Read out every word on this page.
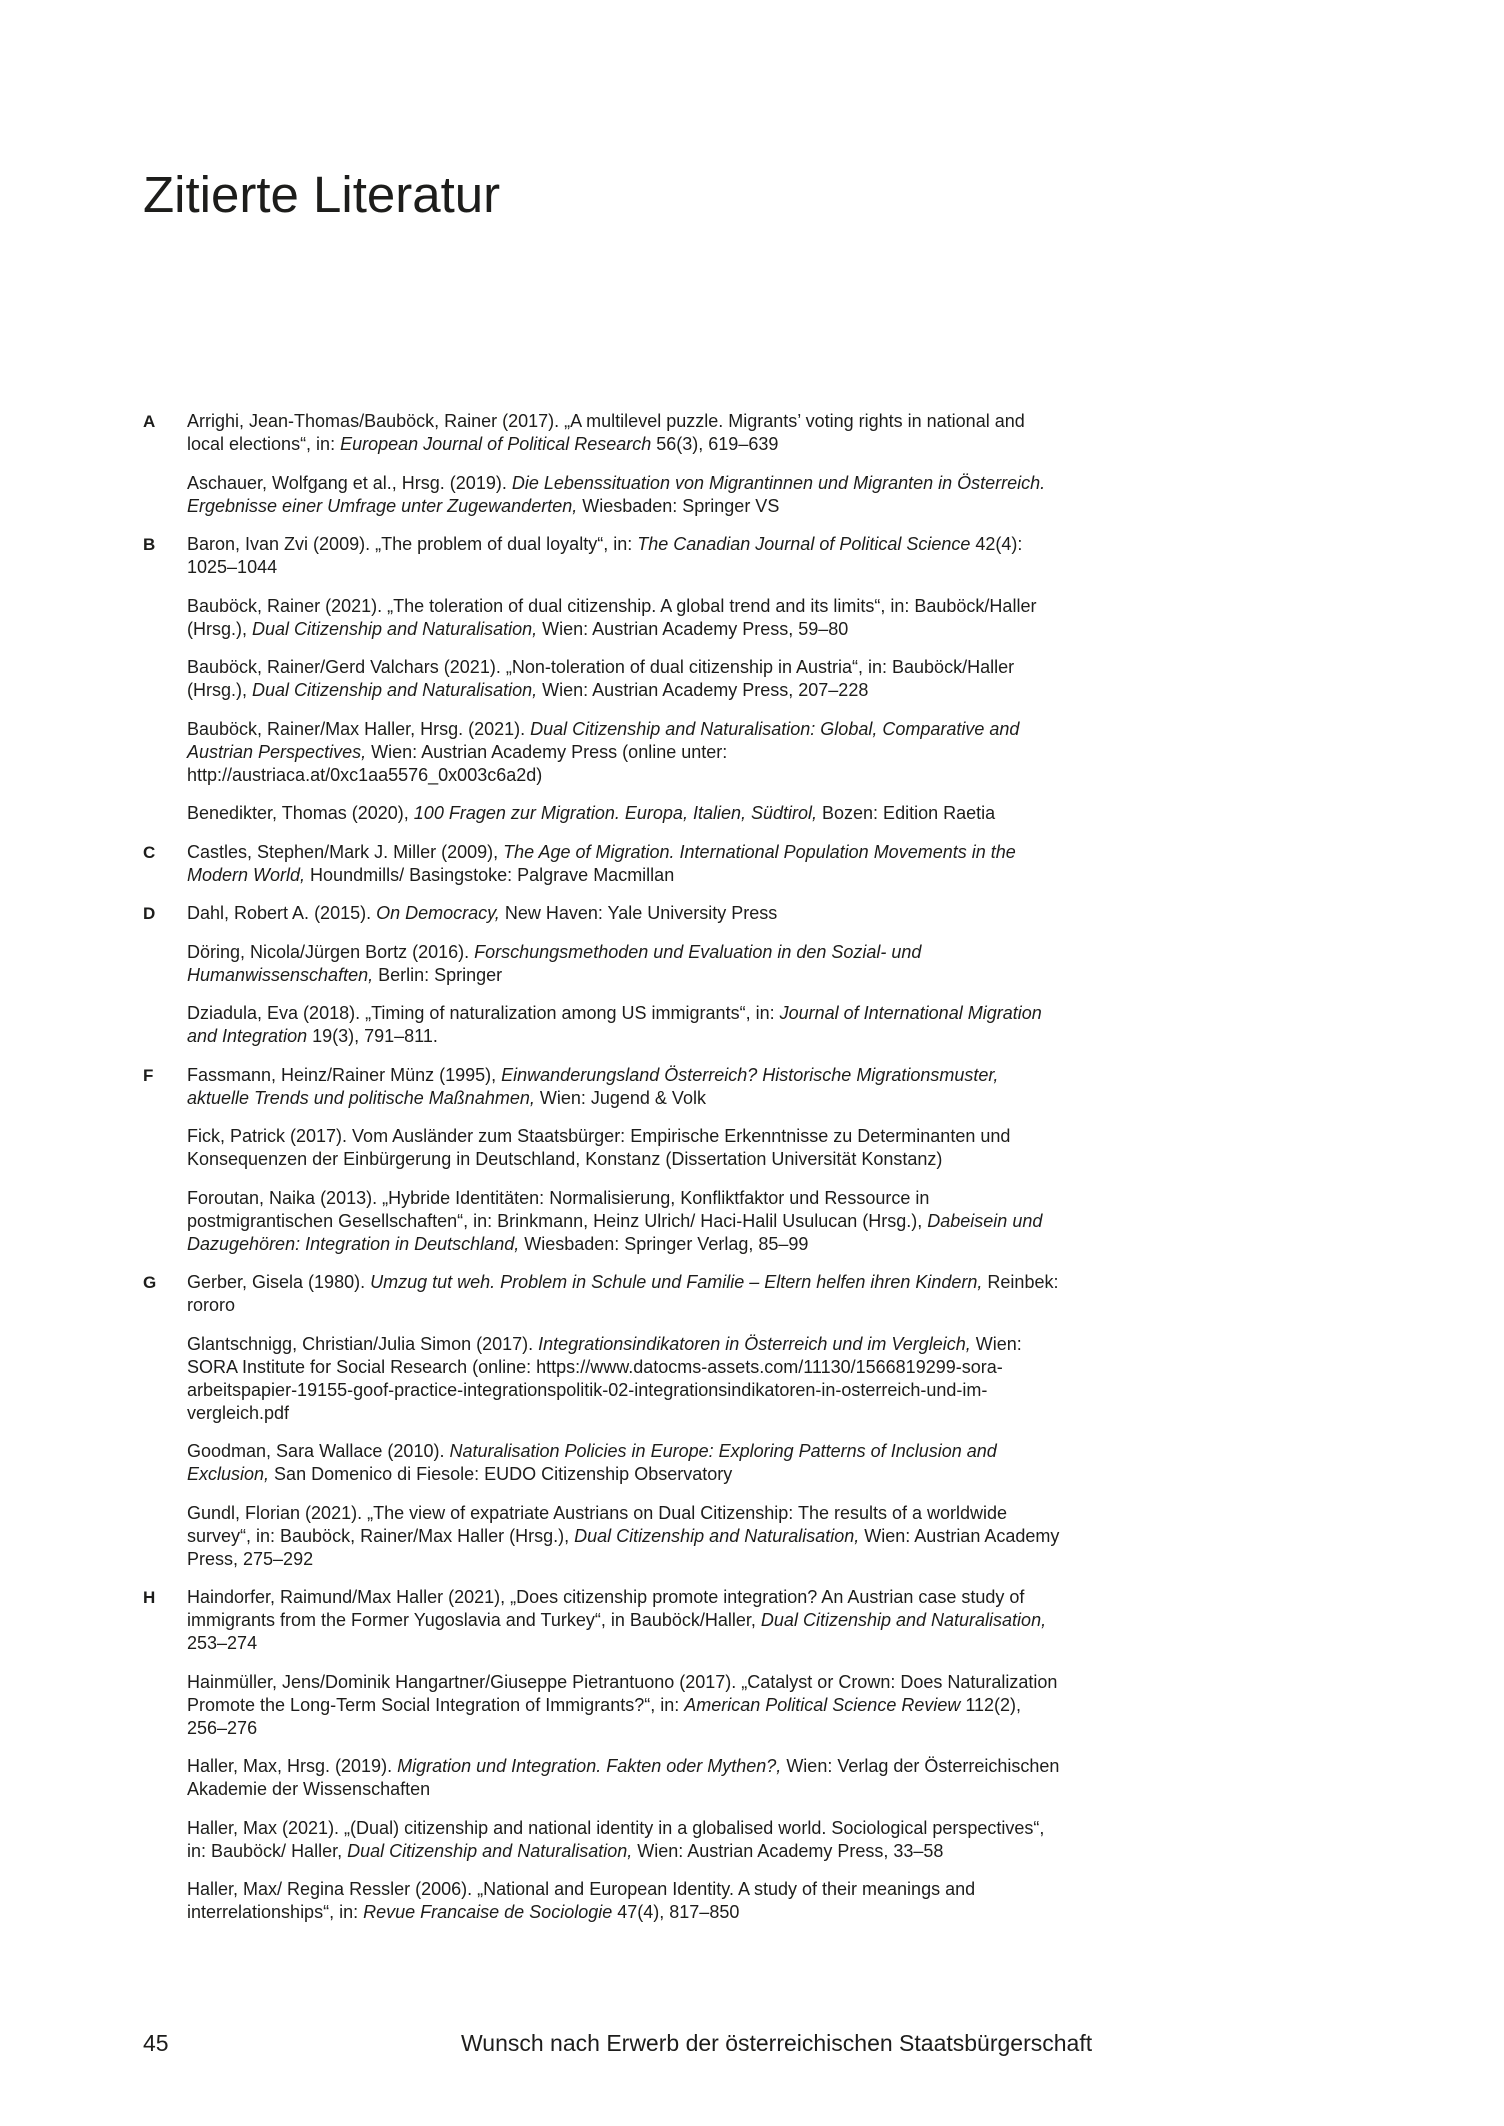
Zitierte Literatur
A Arrighi, Jean-Thomas/Bauböck, Rainer (2017). „A multilevel puzzle. Migrants’ voting rights in national and local elections“, in: European Journal of Political Research 56(3), 619–639
Aschauer, Wolfgang et al., Hrsg. (2019). Die Lebenssituation von Migrantinnen und Migranten in Österreich. Ergebnisse einer Umfrage unter Zugewanderten, Wiesbaden: Springer VS
B Baron, Ivan Zvi (2009). „The problem of dual loyalty“, in: The Canadian Journal of Political Science 42(4): 1025–1044
Bauböck, Rainer (2021). „The toleration of dual citizenship. A global trend and its limits“, in: Bauböck/Haller (Hrsg.), Dual Citizenship and Naturalisation, Wien: Austrian Academy Press, 59–80
Bauböck, Rainer/Gerd Valchars (2021). „Non-toleration of dual citizenship in Austria“, in: Bauböck/Haller (Hrsg.), Dual Citizenship and Naturalisation, Wien: Austrian Academy Press, 207–228
Bauböck, Rainer/Max Haller, Hrsg. (2021). Dual Citizenship and Naturalisation: Global, Comparative and Austrian Perspectives, Wien: Austrian Academy Press (online unter: http://austriaca.at/0xc1aa5576_0x003c6a2d)
Benedikter, Thomas (2020), 100 Fragen zur Migration. Europa, Italien, Südtirol, Bozen: Edition Raetia
C Castles, Stephen/Mark J. Miller (2009), The Age of Migration. International Population Movements in the Modern World, Houndmills/ Basingstoke: Palgrave Macmillan
D Dahl, Robert A. (2015). On Democracy, New Haven: Yale University Press
Döring, Nicola/Jürgen Bortz (2016). Forschungsmethoden und Evaluation in den Sozial- und Humanwissenschaften, Berlin: Springer
Dziadula, Eva (2018). „Timing of naturalization among US immigrants“, in: Journal of International Migration and Integration 19(3), 791–811.
F Fassmann, Heinz/Rainer Münz (1995), Einwanderungsland Österreich? Historische Migrationsmuster, aktuelle Trends und politische Maßnahmen, Wien: Jugend & Volk
Fick, Patrick (2017). Vom Ausländer zum Staatsbürger: Empirische Erkenntnisse zu Determinanten und Konsequenzen der Einbürgerung in Deutschland, Konstanz (Dissertation Universität Konstanz)
Foroutan, Naika (2013). „Hybride Identitäten: Normalisierung, Konfliktfaktor und Ressource in postmigrantischen Gesellschaften“, in: Brinkmann, Heinz Ulrich/ Haci-Halil Usulucan (Hrsg.), Dabeisein und Dazugehören: Integration in Deutschland, Wiesbaden: Springer Verlag, 85–99
G Gerber, Gisela (1980). Umzug tut weh. Problem in Schule und Familie – Eltern helfen ihren Kindern, Reinbek: rororo
Glantschnigg, Christian/Julia Simon (2017). Integrationsindikatoren in Österreich und im Vergleich, Wien: SORA Institute for Social Research (online: https://www.datocms-assets.com/11130/1566819299-sora-arbeitspapier-19155-goof-practice-integrationspolitik-02-integrationsindikatoren-in-osterreich-und-im-vergleich.pdf
Goodman, Sara Wallace (2010). Naturalisation Policies in Europe: Exploring Patterns of Inclusion and Exclusion, San Domenico di Fiesole: EUDO Citizenship Observatory
Gundl, Florian (2021). „The view of expatriate Austrians on Dual Citizenship: The results of a worldwide survey“, in: Bauböck, Rainer/Max Haller (Hrsg.), Dual Citizenship and Naturalisation, Wien: Austrian Academy Press, 275–292
H Haindorfer, Raimund/Max Haller (2021), „Does citizenship promote integration? An Austrian case study of immigrants from the Former Yugoslavia and Turkey“, in Bauböck/Haller, Dual Citizenship and Naturalisation, 253–274
Hainmüller, Jens/Dominik Hangartner/Giuseppe Pietrantuono (2017). „Catalyst or Crown: Does Naturalization Promote the Long-Term Social Integration of Immigrants?“, in: American Political Science Review 112(2), 256–276
Haller, Max, Hrsg. (2019). Migration und Integration. Fakten oder Mythen?, Wien: Verlag der Österreichischen Akademie der Wissenschaften
Haller, Max (2021). „(Dual) citizenship and national identity in a globalised world. Sociological perspectives“, in: Bauböck/ Haller, Dual Citizenship and Naturalisation, Wien: Austrian Academy Press, 33–58
Haller, Max/ Regina Ressler (2006). „National and European Identity. A study of their meanings and interrelationships“, in: Revue Francaise de Sociologie 47(4), 817–850
45	Wunsch nach Erwerb der österreichischen Staatsbürgerschaft
